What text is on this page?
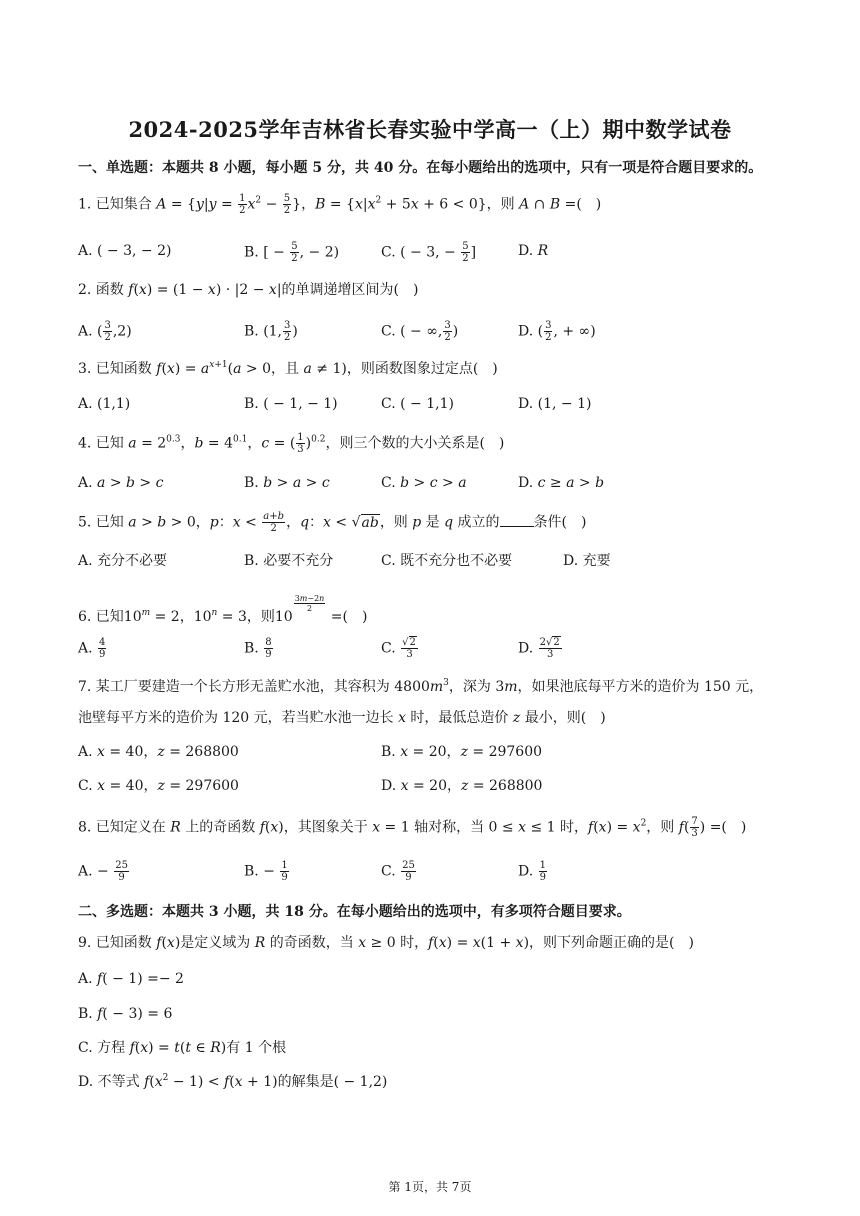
2024-2025学年吉林省长春实验中学高一（上）期中数学试卷
一、单选题：本题共 8 小题，每小题 5 分，共 40 分。在每小题给出的选项中，只有一项是符合题目要求的。
1. 已知集合 $A = \{y|y = \frac{1}{2} x^2 - \frac{5}{2}$ }，$B = \{x|x^2 + 5x + 6 < 0\}$，则 A ∩ B =(　)
A. ( − 3, − 2)	B. [ − $\frac{5}{2}$ , − 2)	C. ( − 3, − $\frac{5}{2}$ ]	D. R
2. 函数 f(x) = (1 − x) · |2 − x|的单调递增区间为(　)
A. ( $\frac{3}{2} ,2$)	B. (1, $\frac{3}{2}$ )	C. ( − ∞, $\frac{3}{2}$ )	D. ( $\frac{3}{2}$ , + ∞)
3. 已知函数 $f(x) = a^{x+1}(a > 0$，且 a ≠ 1)，则函数图象过定点(　)
A. (1,1)	B. ( − 1, − 1)	C. ( − 1,1)	D. (1, − 1)
4. 已知 $a = 2^{0.3}$，$b = 4^{0.1}$，c = ( $\frac{1}{3} )^{0.2}$，则三个数的大小关系是(　)
A. a > b > c	B. b > a > c	C. b > c > a	D. c ≥ a > b
5. 已知 a > b > 0，p：$x < \frac{a+b}{2}$ ，q：x < √ab，则 p 是 q 成立的 条件(　)
A. 充分不必要	B. 必要不充分	C. 既不充分也不必要	D. 充要
6. 已知$10^m = 2$，$10^n = 3$，则10
$\frac{3m-2n}{2}$
=(　)
A. $\frac{4}{9}$	B. $\frac{8}{9}$	C. $\frac{√2}{3}$	D. $\frac{2√2}{3}$
7. 某工厂要建造一个长方形无盖贮水池，其容积为 $4800m^3$，深为 3m，如果池底每平方米的造价为 150 元，
池壁每平方米的造价为 120 元，若当贮水池一边长 x 时，最低总造价 z 最小，则(　)
A. x = 40，z = 268800	B. x = 20，z = 297600
C. x = 40，z = 297600	D. x = 20，z = 268800
8. 已知定义在 R 上的奇函数 f(x)，其图象关于 x = 1 轴对称，当 0 ≤ x ≤ 1 时，$f(x) = x^2$，则 $f( \frac{7}{3}$ ) =(　)
A. − $\frac{25}{9}$	B. − $\frac{1}{9}$	C. $\frac{25}{9}$	D. $\frac{1}{9}$
二、多选题：本题共 3 小题，共 18 分。在每小题给出的选项中，有多项符合题目要求。
9. 已知函数 f(x)是定义域为 R 的奇函数，当 x ≥ 0 时，f(x) = x(1 + x)，则下列命题正确的是(　)
A. f( − 1) =− 2
B. f( − 3) = 6
C. 方程 f(x) = t(t ∈ R)有 1 个根
D. 不等式 $f(x^2 - 1) < f(x + 1)$的解集是( − 1,2)
第 1页，共 7页
